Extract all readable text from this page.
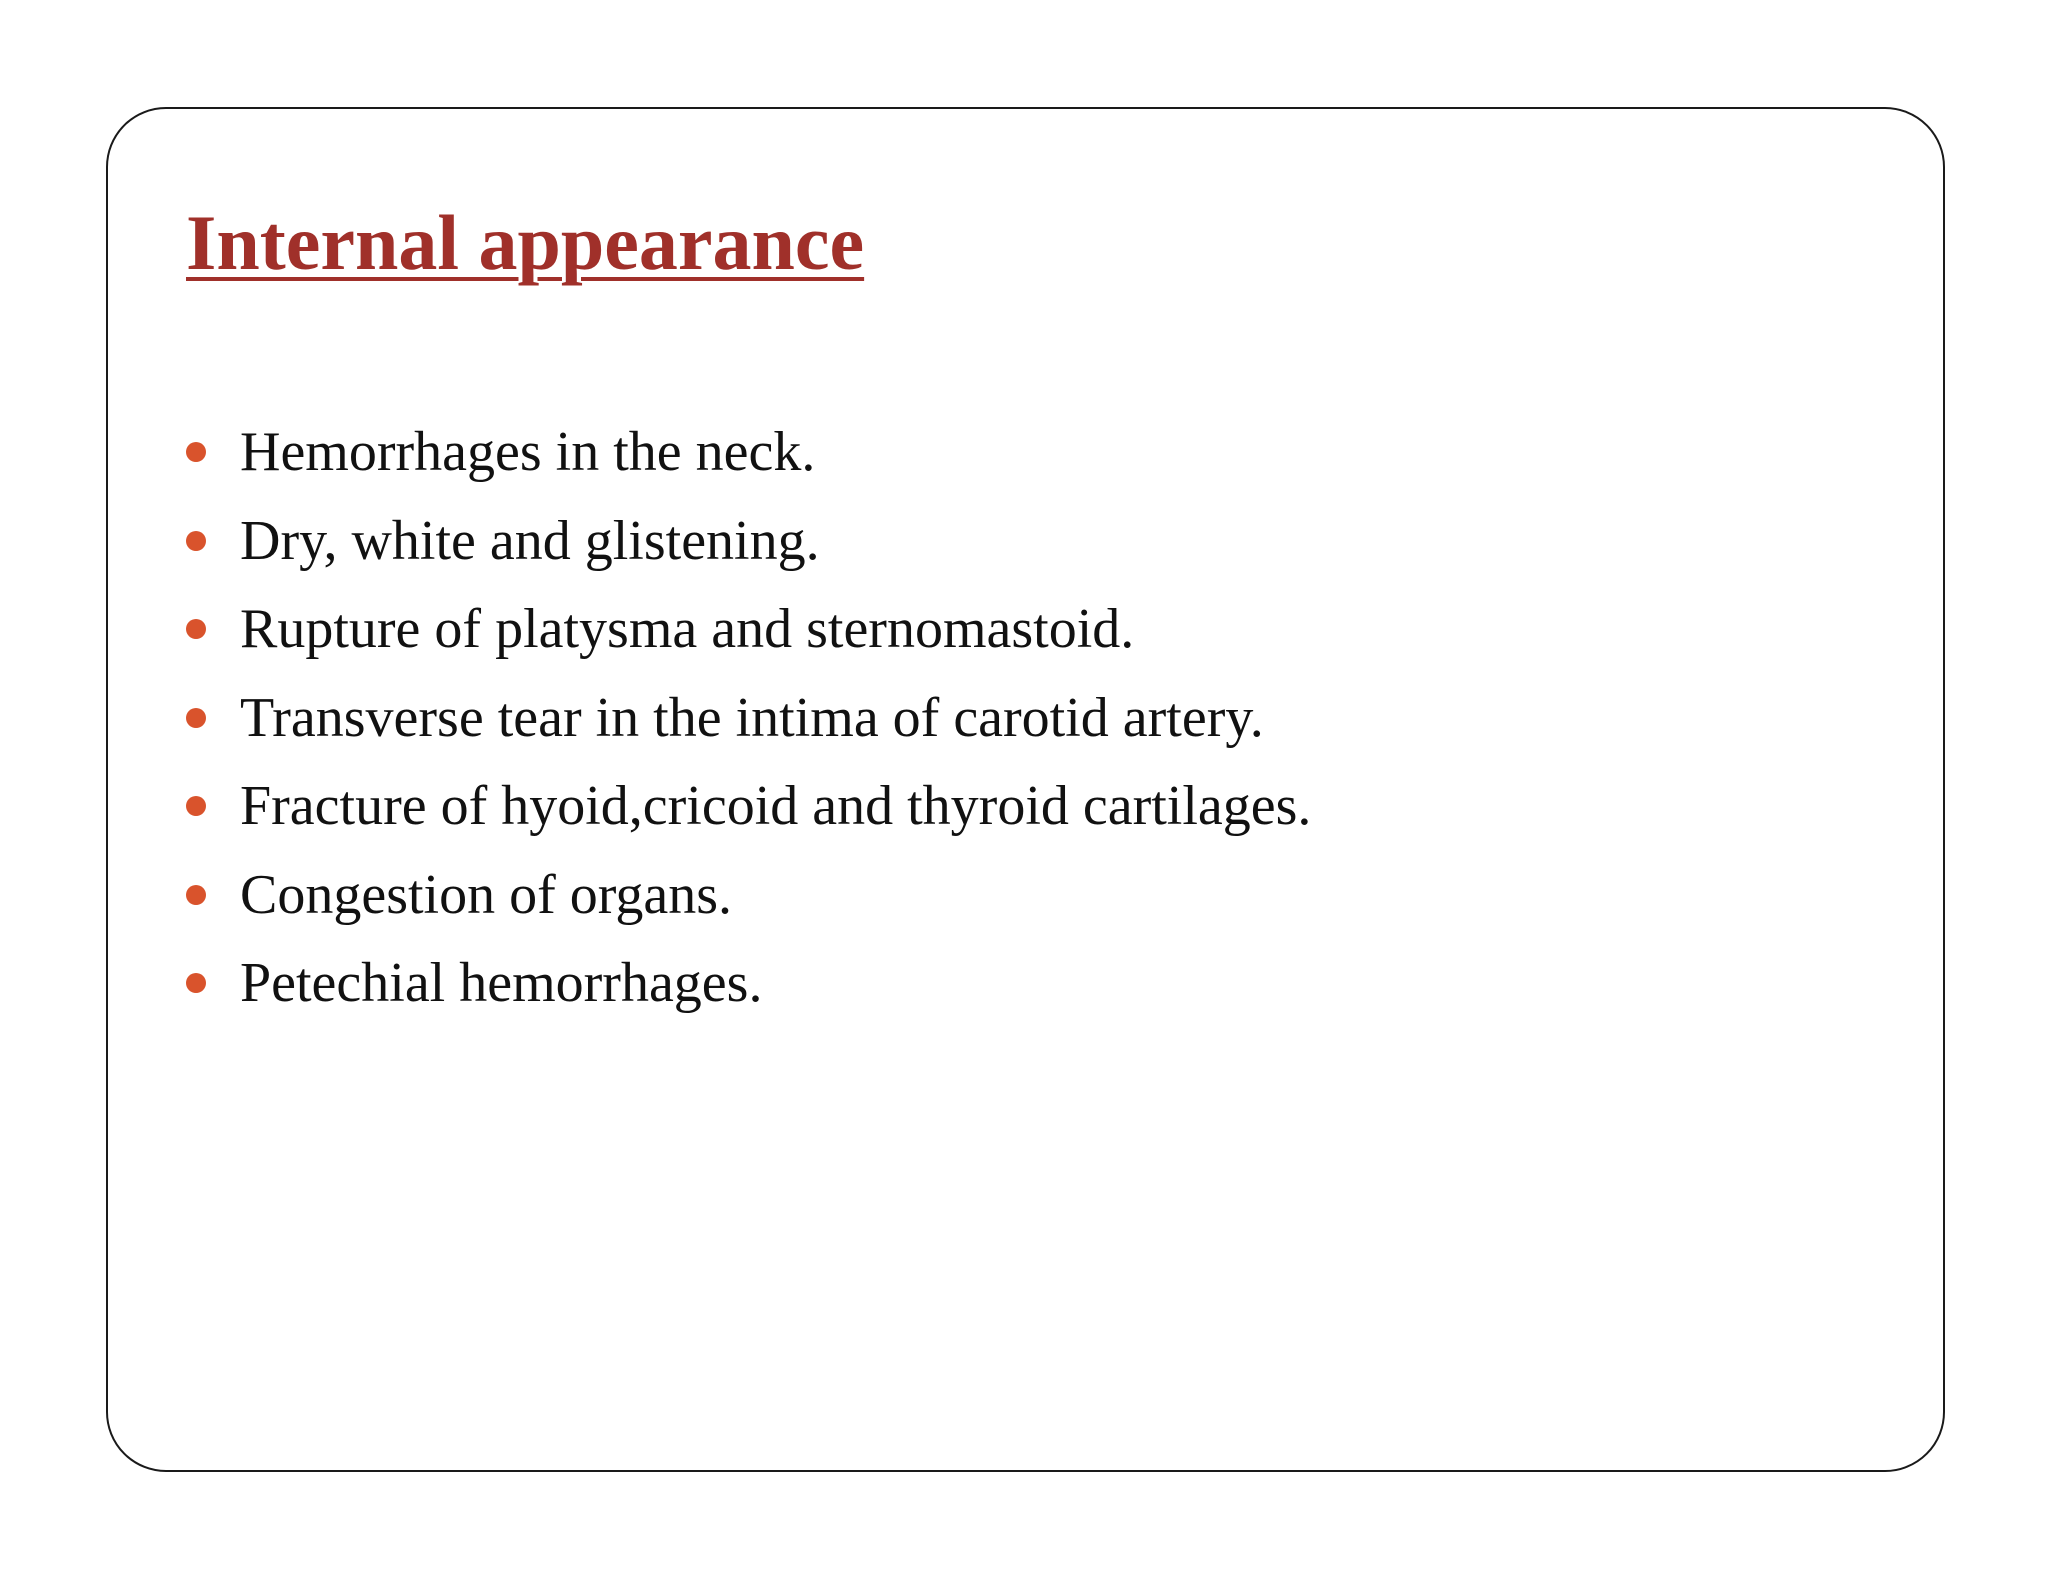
Internal appearance
Hemorrhages in the neck.
Dry, white and glistening.
Rupture of platysma and sternomastoid.
Transverse tear in the intima of carotid artery.
Fracture of hyoid,cricoid and thyroid cartilages.
Congestion of organs.
Petechial hemorrhages.
